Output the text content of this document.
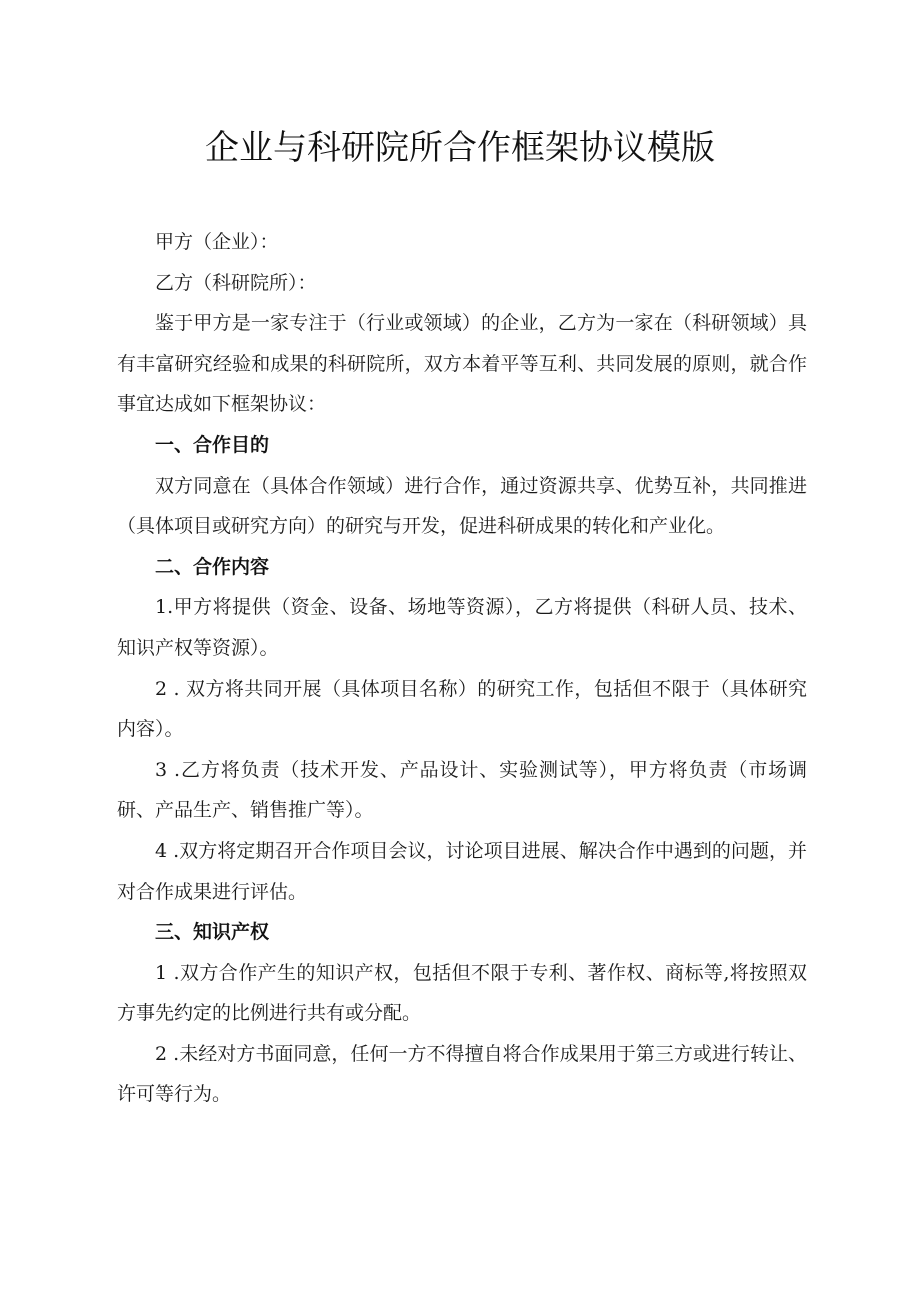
企业与科研院所合作框架协议模版

甲方（企业）：

乙方（科研院所）：

鉴于甲方是一家专注于（行业或领域）的企业，乙方为一家在（科研领域）具有丰富研究经验和成果的科研院所，双方本着平等互利、共同发展的原则，就合作事宜达成如下框架协议：

一、合作目的

双方同意在（具体合作领域）进行合作，通过资源共享、优势互补，共同推进（具体项目或研究方向）的研究与开发，促进科研成果的转化和产业化。

二、合作内容

1.甲方将提供（资金、设备、场地等资源），乙方将提供（科研人员、技术、知识产权等资源）。

2 . 双方将共同开展（具体项目名称）的研究工作，包括但不限于（具体研究内容）。

3 .乙方将负责（技术开发、产品设计、实验测试等），甲方将负责（市场调研、产品生产、销售推广等）。

4 .双方将定期召开合作项目会议，讨论项目进展、解决合作中遇到的问题，并对合作成果进行评估。

三、知识产权

1 .双方合作产生的知识产权，包括但不限于专利、著作权、商标等,将按照双方事先约定的比例进行共有或分配。

2 .未经对方书面同意，任何一方不得擅自将合作成果用于第三方或进行转让、许可等行为。
